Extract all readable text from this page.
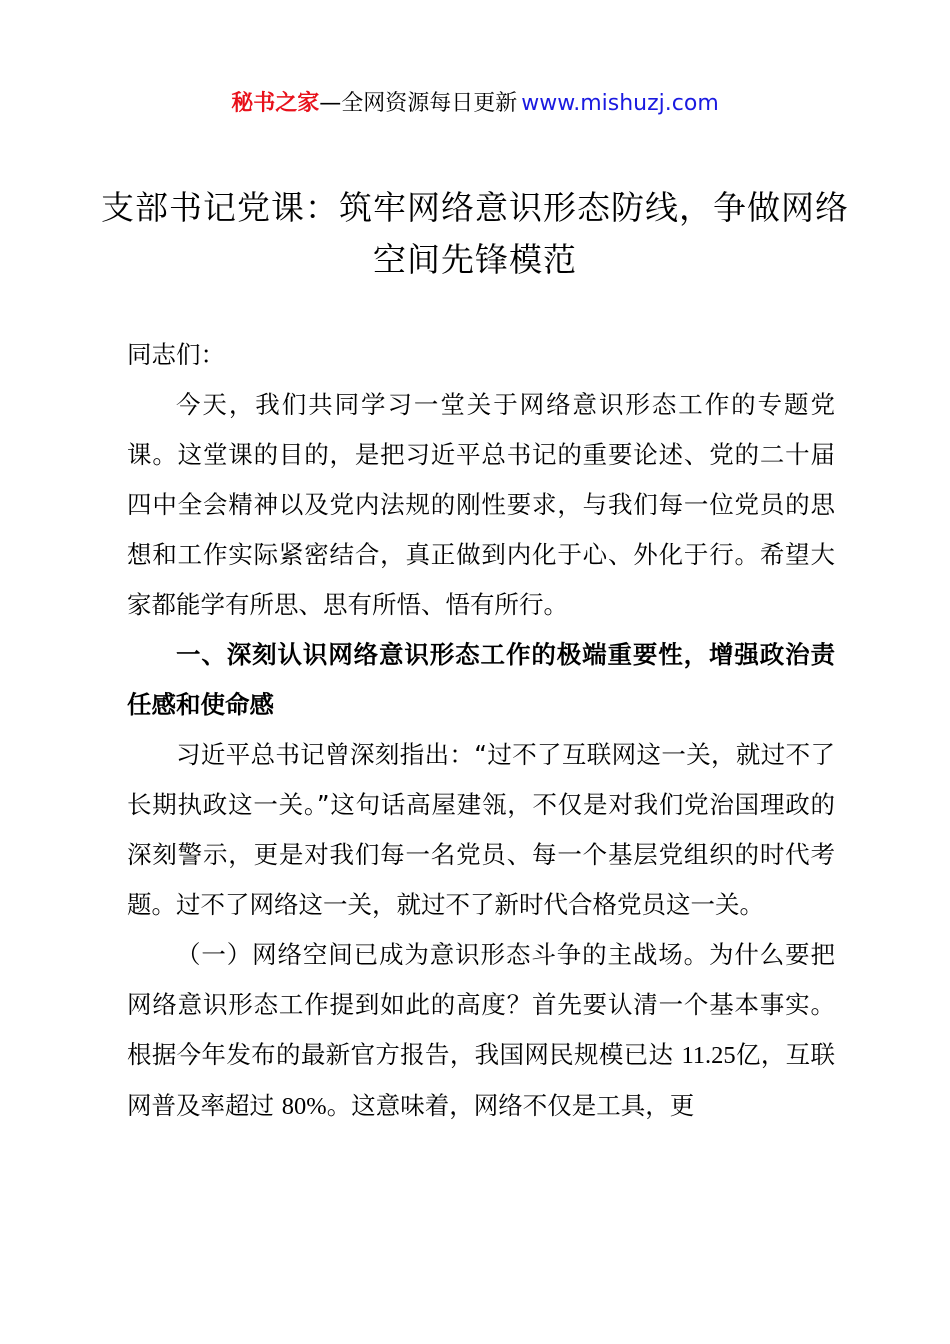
秘书之家—全网资源每日更新 www.mishuzj.com
支部书记党课：筑牢网络意识形态防线，争做网络空间先锋模范

同志们：

今天，我们共同学习一堂关于网络意识形态工作的专题党课。这堂课的目的，是把习近平总书记的重要论述、党的二十届四中全会精神以及党内法规的刚性要求，与我们每一位党员的思想和工作实际紧密结合，真正做到内化于心、外化于行。希望大家都能学有所思、思有所悟、悟有所行。

一、深刻认识网络意识形态工作的极端重要性，增强政治责任感和使命感

习近平总书记曾深刻指出：“过不了互联网这一关，就过不了长期执政这一关。”这句话高屋建瓴，不仅是对我们党治国理政的深刻警示，更是对我们每一名党员、每一个基层党组织的时代考题。过不了网络这一关，就过不了新时代合格党员这一关。

（一）网络空间已成为意识形态斗争的主战场。为什么要把网络意识形态工作提到如此的高度？首先要认清一个基本事实。根据今年发布的最新官方报告，我国网民规模已达 11.25亿，互联网普及率超过 80%。这意味着，网络不仅是工具，更
